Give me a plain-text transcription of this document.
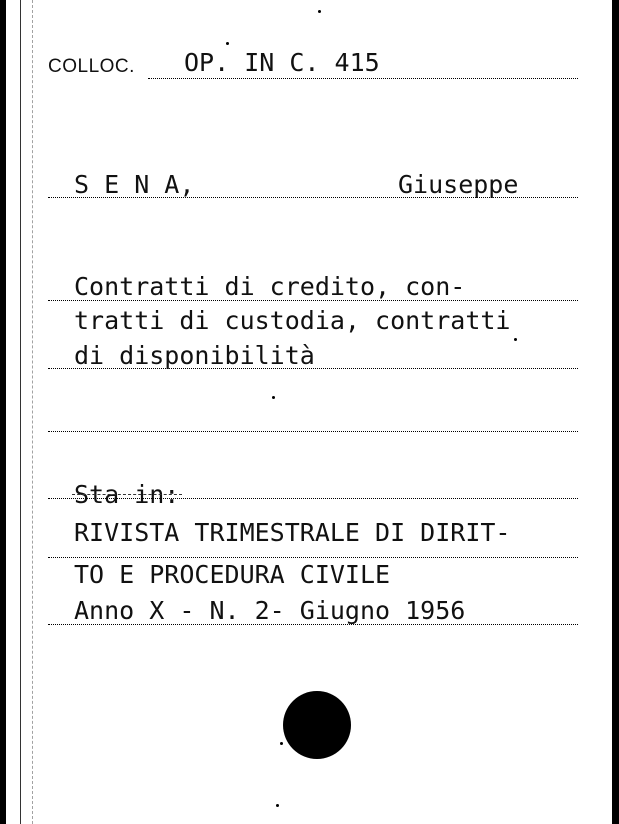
COLLOC. OP. IN C. 415
S E N A,	Giuseppe
Contratti di credito, con-
tratti di custodia, contratti
di disponibilità
Sta in:
RIVISTA TRIMESTRALE DI DIRIT-
TO E PROCEDURA CIVILE
Anno X - N. 2- Giugno 1956
